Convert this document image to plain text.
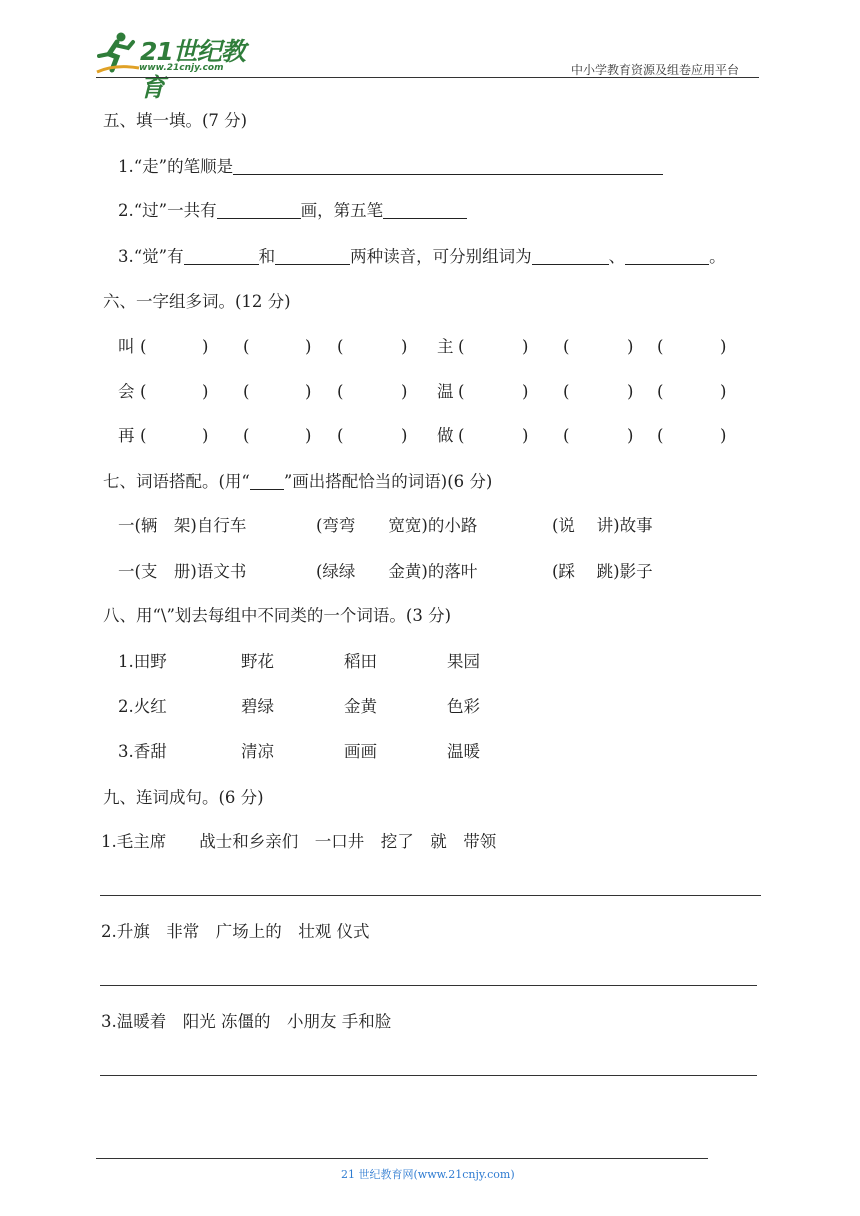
21世纪教育
www.21cnjy.com	中小学教育资源及组卷应用平台
五、填一填。(7 分)
1.“走”的笔顺是
2.“过”一共有	画，第五笔
3.“觉”有	和	两种读音，可分别组词为	、	。
六、一字组多词。(12 分)
叫 (	) (	) (	) 主 (	) (	) (	)
会 (	) (	) (	) 温 (	) (	) (	)
再 (	) (	) (	) 做 (	) (	) (	)
七、词语搭配。(用“ ”画出搭配恰当的词语)(6 分)
一(辆　架)自行车	(弯弯　　宽宽)的小路	(说　 讲)故事
一(支　册)语文书	(绿绿　　金黄)的落叶	(踩　 跳)影子
八、用“\”划去每组中不同类的一个词语。(3 分)
1.田野	野花	稻田	果园
2.火红	碧绿	金黄	色彩
3.香甜	清凉	画画	温暖
九、连词成句。(6 分)
1.毛主席　　战士和乡亲们　一口井　挖了　就　带领
2.升旗　非常　广场上的　壮观 仪式
3.温暖着　阳光 冻僵的　小朋友 手和脸
21 世纪教育网(www.21cnjy.com)
